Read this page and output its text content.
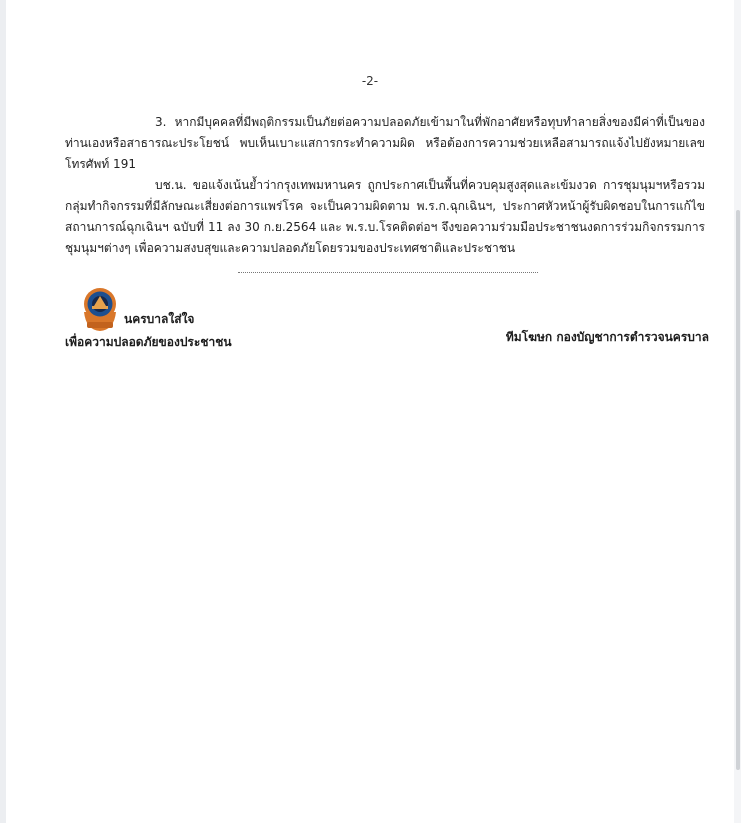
-2-

3. หากมีบุคคลที่มีพฤติกรรมเป็นภัยต่อความปลอดภัยเข้ามาในที่พักอาศัยหรือทุบทำลายสิ่งของมีค่าที่เป็นของท่านเองหรือสาธารณะประโยชน์ พบเห็นเบาะแสการกระทำความผิด หรือต้องการความช่วยเหลือสามารถแจ้งไปยังหมายเลขโทรศัพท์ 191

บช.น. ขอแจ้งเน้นย้ำว่ากรุงเทพมหานคร ถูกประกาศเป็นพื้นที่ควบคุมสูงสุดและเข้มงวด การชุมนุมฯหรือรวมกลุ่มทำกิจกรรมที่มีลักษณะเสี่ยงต่อการแพร่โรค จะเป็นความผิดตาม พ.ร.ก.ฉุกเฉินฯ, ประกาศหัวหน้าผู้รับผิดชอบในการแก้ไขสถานการณ์ฉุกเฉินฯ ฉบับที่ 11 ลง 30 ก.ย.2564 และ พ.ร.บ.โรคติดต่อฯ จึงขอความร่วมมือประชาชนงดการร่วมกิจกรรมการชุมนุมฯต่างๆ เพื่อความสงบสุขและความปลอดภัยโดยรวมของประเทศชาติและประชาชน

นครบาลใส่ใจ
เพื่อความปลอดภัยของประชาชน	ทีมโฆษก กองบัญชาการตำรวจนครบาล
